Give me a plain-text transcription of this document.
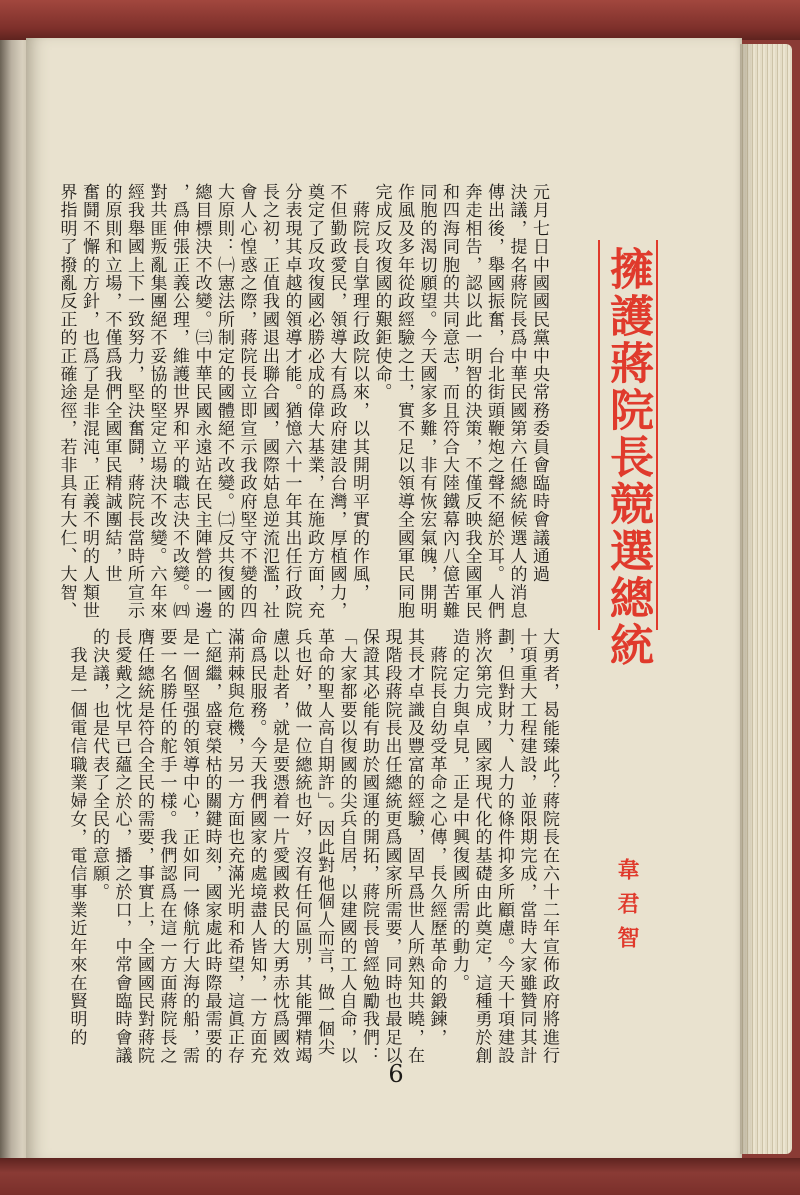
擁護蔣院長競選總統
韋君智
元月七日中國國民黨中央常務委員會臨時會議通過
決議，提名蔣院長爲中華民國第六任總統候選人的消息
傳出後，舉國振奮，台北街頭鞭炮之聲不絕於耳。人們
奔走相告，認以此一明智的決策，不僅反映我全國軍民
和四海同胞的共同意志，而且符合大陸鐵幕內八億苦難
同胞的渴切願望。今天國家多難，非有恢宏氣魄，開明
作風及多年從政經驗之士，實不足以領導全國軍民同胞
完成反攻復國的艱鉅使命。
　蔣院長自掌理行政院以來，以其開明平實的作風，
不但勤政愛民，領導大有爲政府建設台灣，厚植國力，
奠定了反攻復國必勝必成的偉大基業，在施政方面，充
分表現其卓越的領導才能。猶憶六十一年其出任行政院
長之初，正值我國退出聯合國，國際姑息逆流氾濫，社
會人心惶惑之際，蔣院長立即宣示我政府堅守不變的四
大原則：㈠憲法所制定的國體絕不改變。㈡反共復國的
總目標決不改變。㈢中華民國永遠站在民主陣營的一邊
，爲伸張正義公理，維護世界和平的職志決不改變。㈣
對共匪叛亂集團絕不妥協的堅定立場決不改變。六年來
經我舉國上下一致努力，堅決奮鬪，蔣院長當時所宣示
的原則和立場，不僅爲我們全國軍民精誠團結，世
奮鬪不懈的方針，也爲了是非混沌，正義不明的人類世
界指明了撥亂反正的正確途徑，若非具有大仁、大智、
大勇者，曷能臻此？蔣院長在六十二年宣佈政府將進行
十項重大工程建設，並限期完成，當時大家雖贊同其計
劃，但對財力、人力的條件抑多所顧慮。今天十項建設
將次第完成，國家現代化的基礎由此奠定，這種勇於創
造的定力與卓見，正是中興復國所需的動力。
　蔣院長自幼受革命之心傳，長久經歷革命的鍛鍊，
其長才卓識及豐富的經驗，固早爲世人所熟知共曉，在
現階段蔣院長出任總統更爲國家所需要，同時也最足以
保證其必能有助於國運的開拓，蔣院長曾經勉勵我們：
「大家都要以復國的尖兵自居，以建國的工人自命，以
革命的聖人高自期許」。因此對他個人而言，做一個尖
兵也好，做一位總統也好，沒有任何區別，其能彈精竭
慮以赴者，就是要憑着一片愛國救民的大勇赤忱爲國效
命爲民服務。今天我們國家的處境盡人皆知，一方面充
滿荊棘與危機，另一方面也充滿光明和希望，這眞正存
亡絕繼，盛衰榮枯的關鍵時刻，國家處此時際最需要的
是一個堅强的領導中心，正如同一條航行大海的船，需
要一名勝任的舵手一樣。我們認爲在這一方面蔣院長之
膺任總統是符合全民的需要，事實上，全國國民對蔣院
長愛戴之忱早已蘊之於心，播之於口，中常會臨時會議
的決議，也是代表了全民的意願。
　我是一個電信職業婦女，電信事業近年來在賢明的
6
